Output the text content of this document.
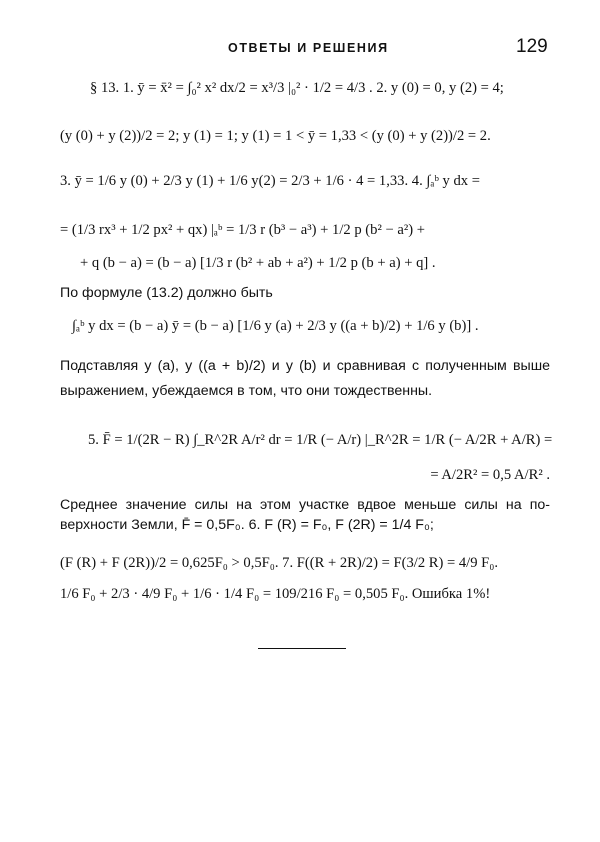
ОТВЕТЫ И РЕШЕНИЯ	129
§ 13. 1. ȳ = x̄² = ∫₀² x² dx/2 = x³/3 |₀² · 1/2 = 4/3 . 2. y (0) = 0, y (2) = 4;
(y (0) + y (2))/2 = 2; y (1) = 1; y (1) = 1 < ȳ = 1,33 < (y (0) + y (2))/2 = 2.
3. ȳ = 1/6 y (0) + 2/3 y (1) + 1/6 y(2) = 2/3 + 1/6 · 4 = 1,33. 4. ∫ₐᵇ y dx =
= (1/3 rx³ + 1/2 px² + qx) |ₐᵇ = 1/3 r (b³ − a³) + 1/2 p (b² − a²) +
+ q (b − a) = (b − a) [1/3 r (b² + ab + a²) + 1/2 p (b + a) + q] .
По формуле (13.2) должно быть
∫ₐᵇ y dx = (b − a) ȳ = (b − a) [1/6 y (a) + 2/3 y ((a + b)/2) + 1/6 y (b)] .
Подставляя y (a), y ((a + b)/2) и y (b) и сравнивая с полученным выше
выражением, убеждаемся в том, что они тождественны.
5. F̄ = 1/(2R − R) ∫_R^2R A/r² dr = 1/R (− A/r) |_R^2R = 1/R (− A/2R + A/R) =
= A/2R² = 0,5 A/R² .
Среднее значение силы на этом участке вдвое меньше силы на по-
верхности Земли, F̄ = 0,5F₀. 6. F (R) = F₀, F (2R) = 1/4 F₀;
(F (R) + F (2R))/2 = 0,625F₀ > 0,5F₀. 7. F((R + 2R)/2) = F(3/2 R) = 4/9 F₀.
1/6 F₀ + 2/3 · 4/9 F₀ + 1/6 · 1/4 F₀ = 109/216 F₀ = 0,505 F₀. Ошибка 1%!
